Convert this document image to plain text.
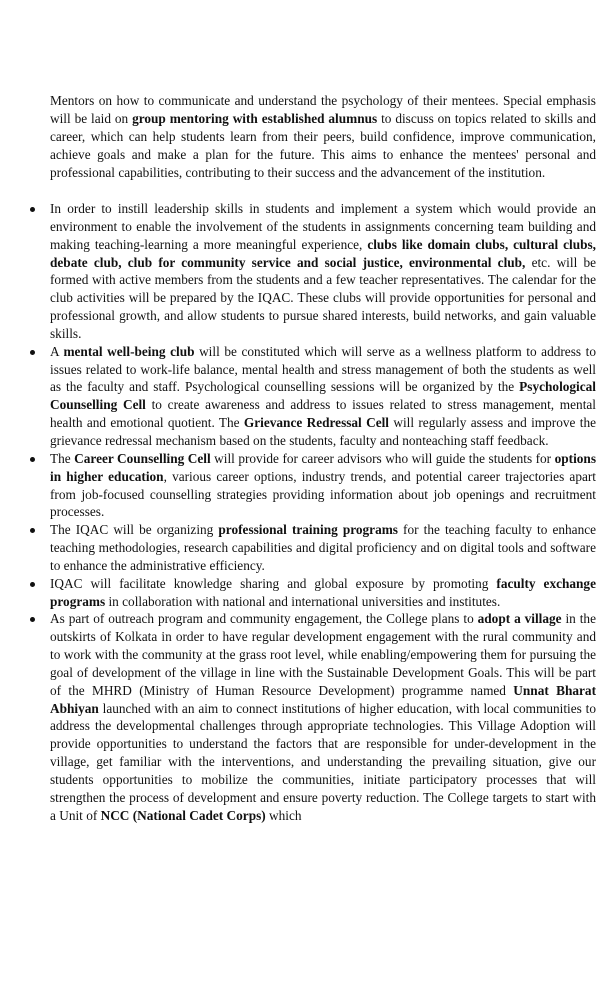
Mentors on how to communicate and understand the psychology of their mentees. Special emphasis will be laid on group mentoring with established alumnus to discuss on topics related to skills and career, which can help students learn from their peers, build confidence, improve communication, achieve goals and make a plan for the future. This aims to enhance the mentees' personal and professional capabilities, contributing to their success and the advancement of the institution.

In order to instill leadership skills in students and implement a system which would provide an environment to enable the involvement of the students in assignments concerning team building and making teaching-learning a more meaningful experience, clubs like domain clubs, cultural clubs, debate club, club for community service and social justice, environmental club, etc. will be formed with active members from the students and a few teacher representatives. The calendar for the club activities will be prepared by the IQAC. These clubs will provide opportunities for personal and professional growth, and allow students to pursue shared interests, build networks, and gain valuable skills.
A mental well-being club will be constituted which will serve as a wellness platform to address to issues related to work-life balance, mental health and stress management of both the students as well as the faculty and staff. Psychological counselling sessions will be organized by the Psychological Counselling Cell to create awareness and address to issues related to stress management, mental health and emotional quotient. The Grievance Redressal Cell will regularly assess and improve the grievance redressal mechanism based on the students, faculty and nonteaching staff feedback.
The Career Counselling Cell will provide for career advisors who will guide the students for options in higher education, various career options, industry trends, and potential career trajectories apart from job-focused counselling strategies providing information about job openings and recruitment processes.
The IQAC will be organizing professional training programs for the teaching faculty to enhance teaching methodologies, research capabilities and digital proficiency and on digital tools and software to enhance the administrative efficiency.
IQAC will facilitate knowledge sharing and global exposure by promoting faculty exchange programs in collaboration with national and international universities and institutes.
As part of outreach program and community engagement, the College plans to adopt a village in the outskirts of Kolkata in order to have regular development engagement with the rural community and to work with the community at the grass root level, while enabling/empowering them for pursuing the goal of development of the village in line with the Sustainable Development Goals. This will be part of the MHRD (Ministry of Human Resource Development) programme named Unnat Bharat Abhiyan launched with an aim to connect institutions of higher education, with local communities to address the developmental challenges through appropriate technologies. This Village Adoption will provide opportunities to understand the factors that are responsible for under-development in the village, get familiar with the interventions, and understanding the prevailing situation, give our students opportunities to mobilize the communities, initiate participatory processes that will strengthen the process of development and ensure poverty reduction. The College targets to start with a Unit of NCC (National Cadet Corps) which
